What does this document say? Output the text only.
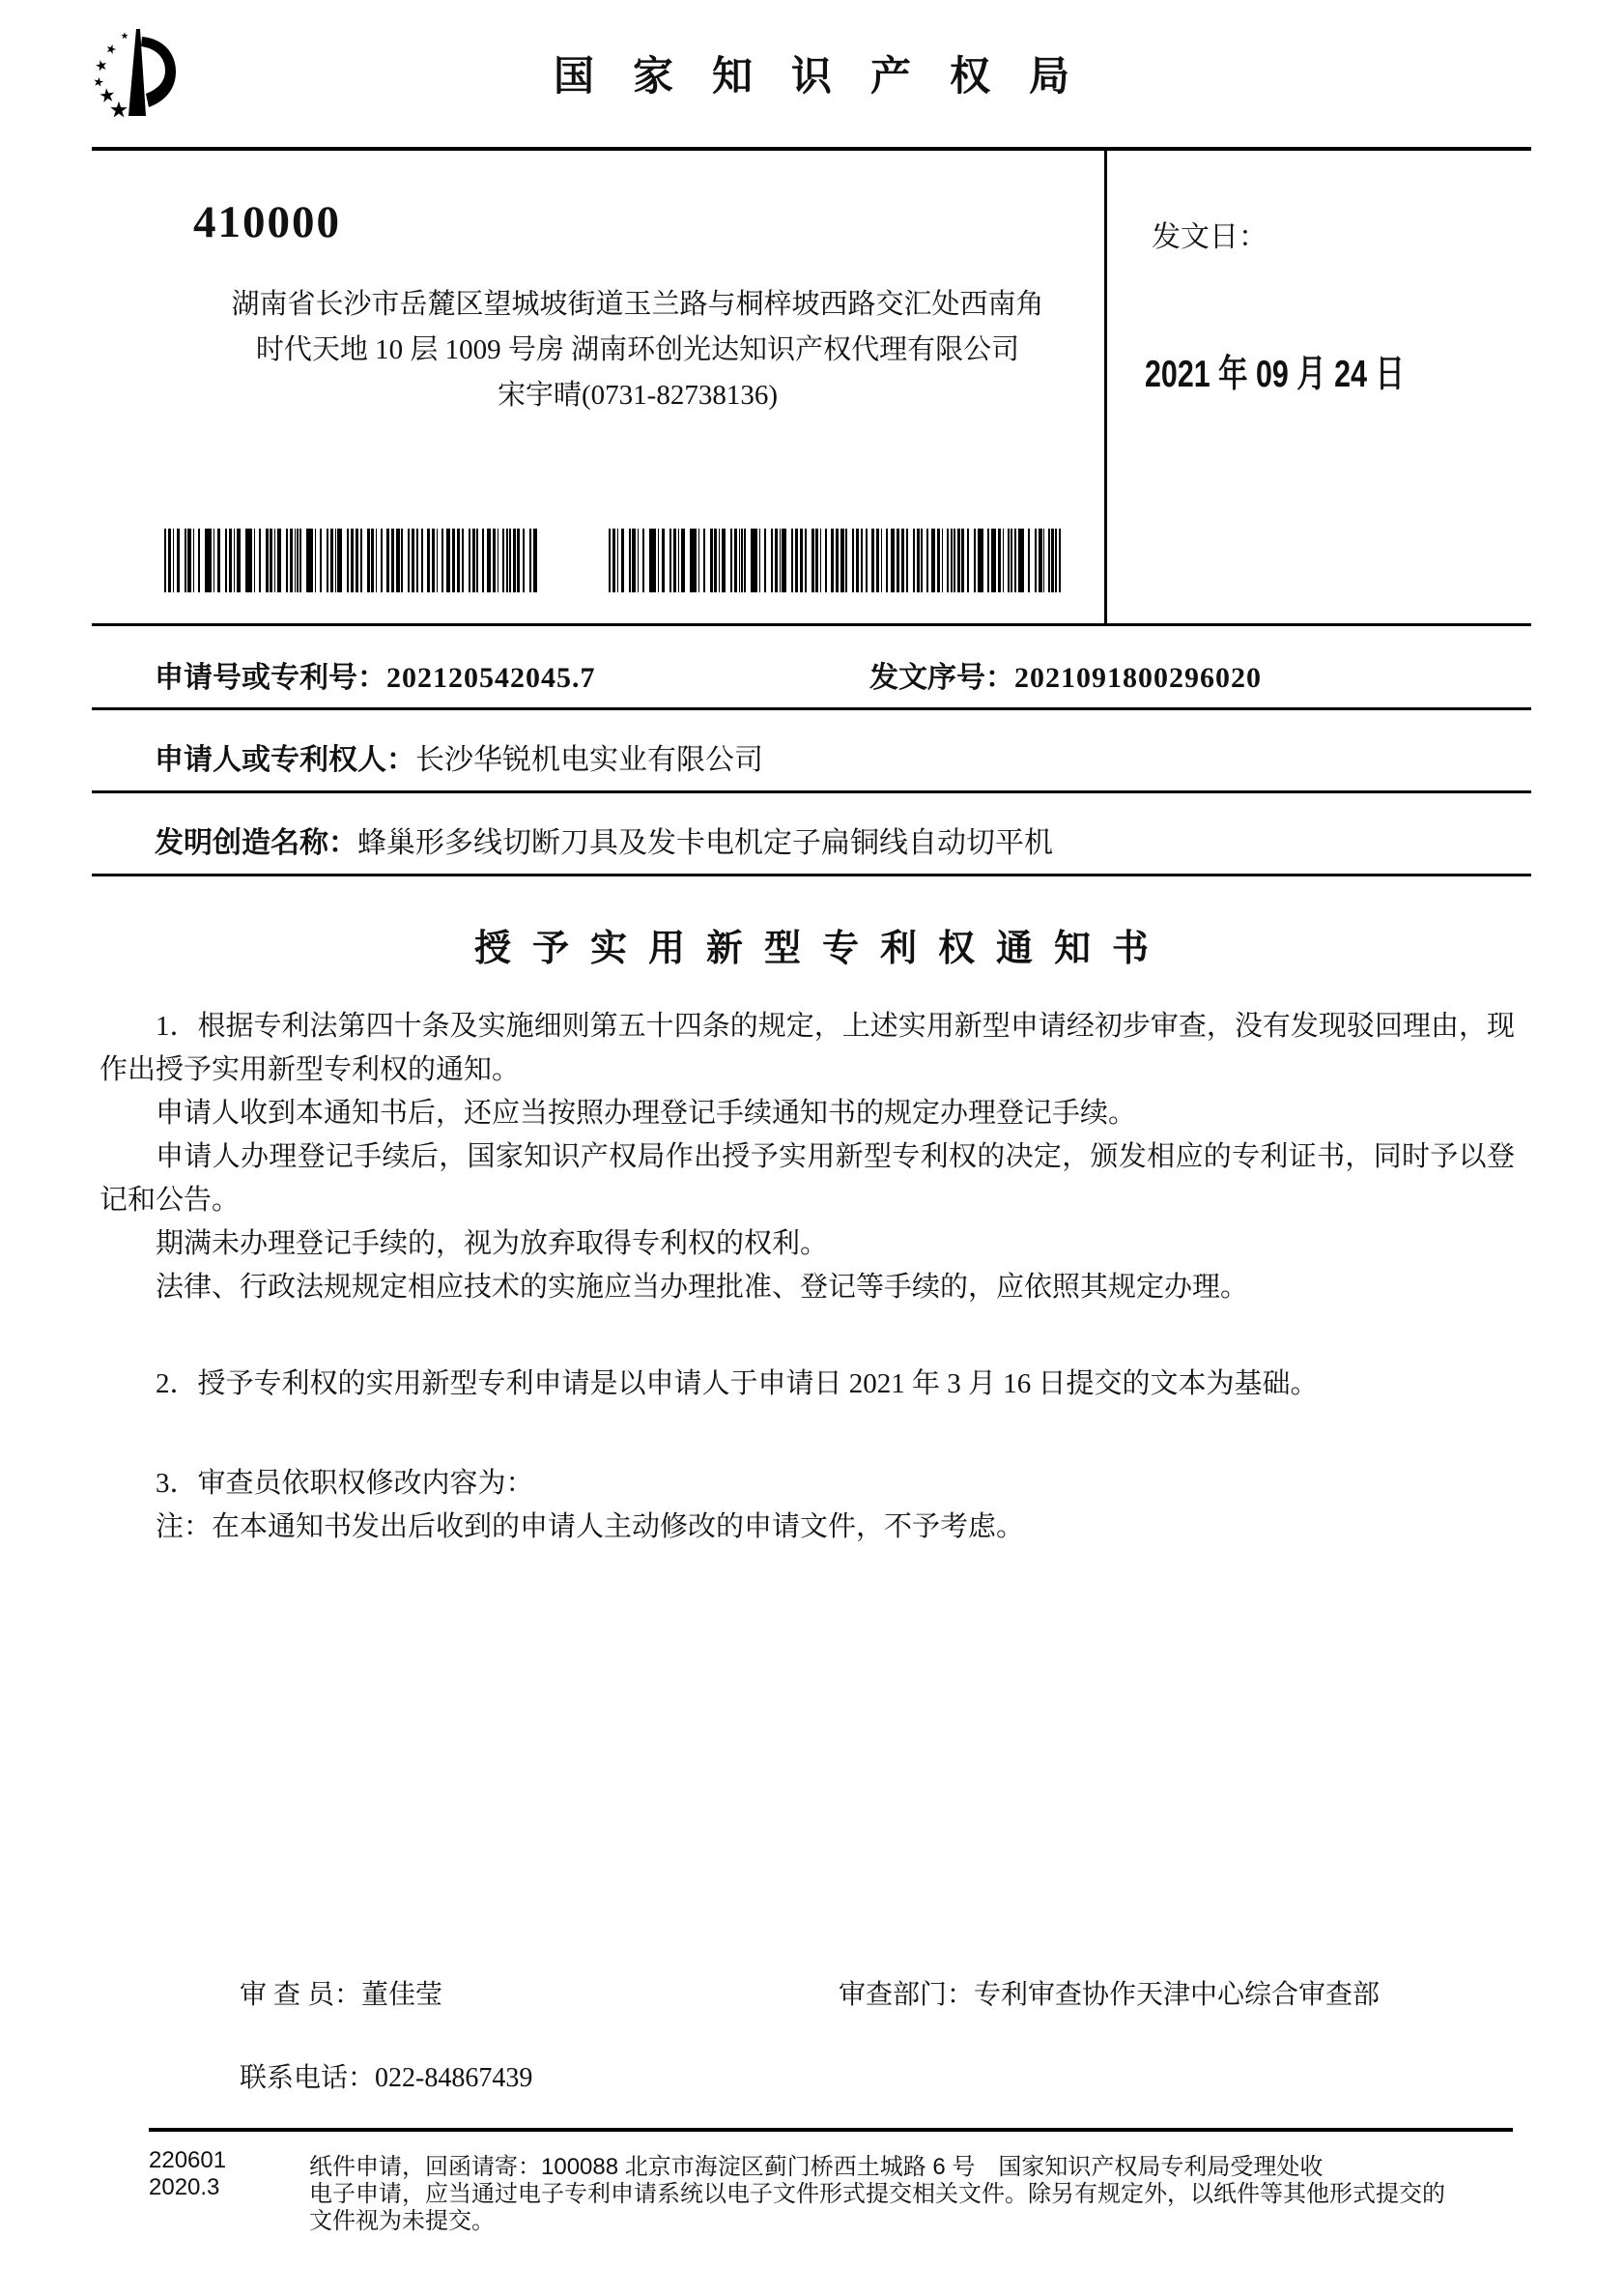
国家知识产权局
发文日：
2021 年 09 月 24 日
410000
湖南省长沙市岳麓区望城坡街道玉兰路与桐梓坡西路交汇处西南角
时代天地 10 层 1009 号房 湖南环创光达知识产权代理有限公司
宋宇晴(0731-82738136)
申请号或专利号：202120542045.7	发文序号：2021091800296020
申请人或专利权人：长沙华锐机电实业有限公司
发明创造名称：蜂巢形多线切断刀具及发卡电机定子扁铜线自动切平机
授予实用新型专利权通知书

1．根据专利法第四十条及实施细则第五十四条的规定，上述实用新型申请经初步审查，没有发现驳回理由，现作出授予实用新型专利权的通知。

申请人收到本通知书后，还应当按照办理登记手续通知书的规定办理登记手续。

申请人办理登记手续后，国家知识产权局作出授予实用新型专利权的决定，颁发相应的专利证书，同时予以登记和公告。

期满未办理登记手续的，视为放弃取得专利权的权利。

法律、行政法规规定相应技术的实施应当办理批准、登记等手续的，应依照其规定办理。

2．授予专利权的实用新型专利申请是以申请人于申请日 2021 年 3 月 16 日提交的文本为基础。

3．审查员依职权修改内容为：

注：在本通知书发出后收到的申请人主动修改的申请文件，不予考虑。

审 查 员：董佳莹	审查部门：专利审查协作天津中心综合审查部
联系电话：022-84867439
220601
2020.3
纸件申请，回函请寄：100088 北京市海淀区蓟门桥西土城路 6 号　国家知识产权局专利局受理处收
电子申请，应当通过电子专利申请系统以电子文件形式提交相关文件。除另有规定外，以纸件等其他形式提交的
文件视为未提交。
